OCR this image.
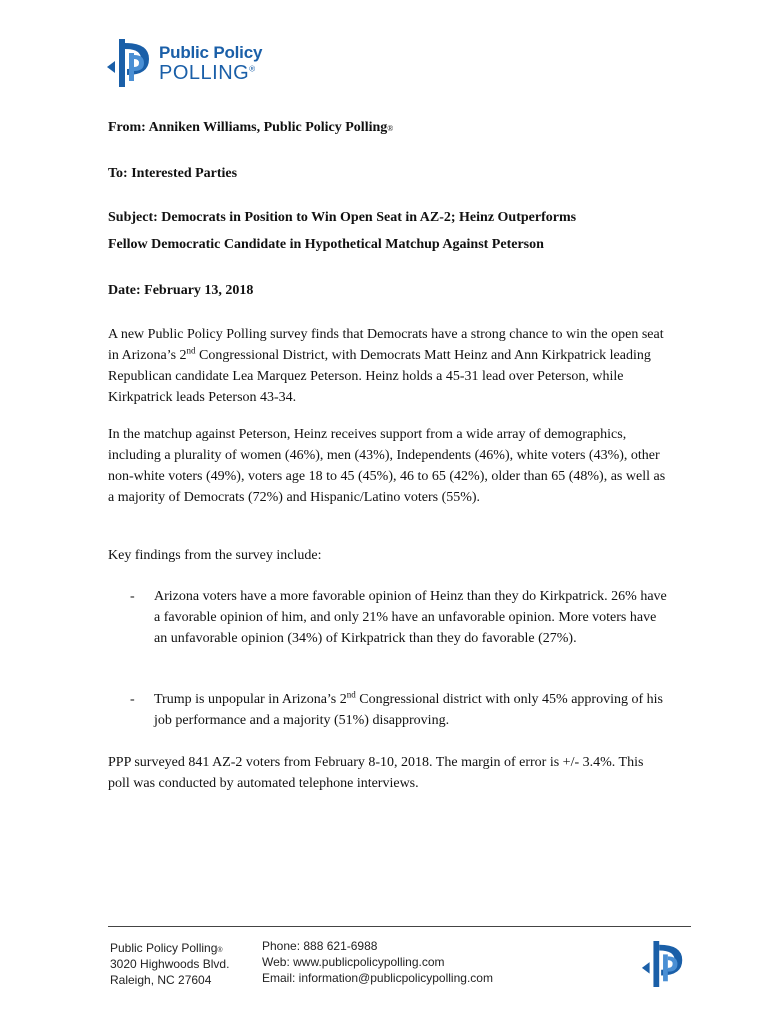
Public Policy
POLLING®
From: Anniken Williams, Public Policy Polling®
To: Interested Parties
Subject: Democrats in Position to Win Open Seat in AZ-2; Heinz Outperforms
Fellow Democratic Candidate in Hypothetical Matchup Against Peterson
Date: February 13, 2018
A new Public Policy Polling survey finds that Democrats have a strong chance to win the open seat in Arizona’s 2nd Congressional District, with Democrats Matt Heinz and Ann Kirkpatrick leading Republican candidate Lea Marquez Peterson. Heinz holds a 45-31 lead over Peterson, while Kirkpatrick leads Peterson 43-34.
In the matchup against Peterson, Heinz receives support from a wide array of demographics, including a plurality of women (46%), men (43%), Independents (46%), white voters (43%), other non-white voters (49%), voters age 18 to 45 (45%), 46 to 65 (42%), older than 65 (48%), as well as a majority of Democrats (72%) and Hispanic/Latino voters (55%).
Key findings from the survey include:
- Arizona voters have a more favorable opinion of Heinz than they do Kirkpatrick. 26% have a favorable opinion of him, and only 21% have an unfavorable opinion. More voters have an unfavorable opinion (34%) of Kirkpatrick than they do favorable (27%).
- Trump is unpopular in Arizona’s 2nd Congressional district with only 45% approving of his job performance and a majority (51%) disapproving.
PPP surveyed 841 AZ-2 voters from February 8-10, 2018. The margin of error is +/- 3.4%. This poll was conducted by automated telephone interviews.
Public Policy Polling®
3020 Highwoods Blvd.
Raleigh, NC 27604
Phone: 888 621-6988
Web: www.publicpolicypolling.com
Email: information@publicpolicypolling.com
